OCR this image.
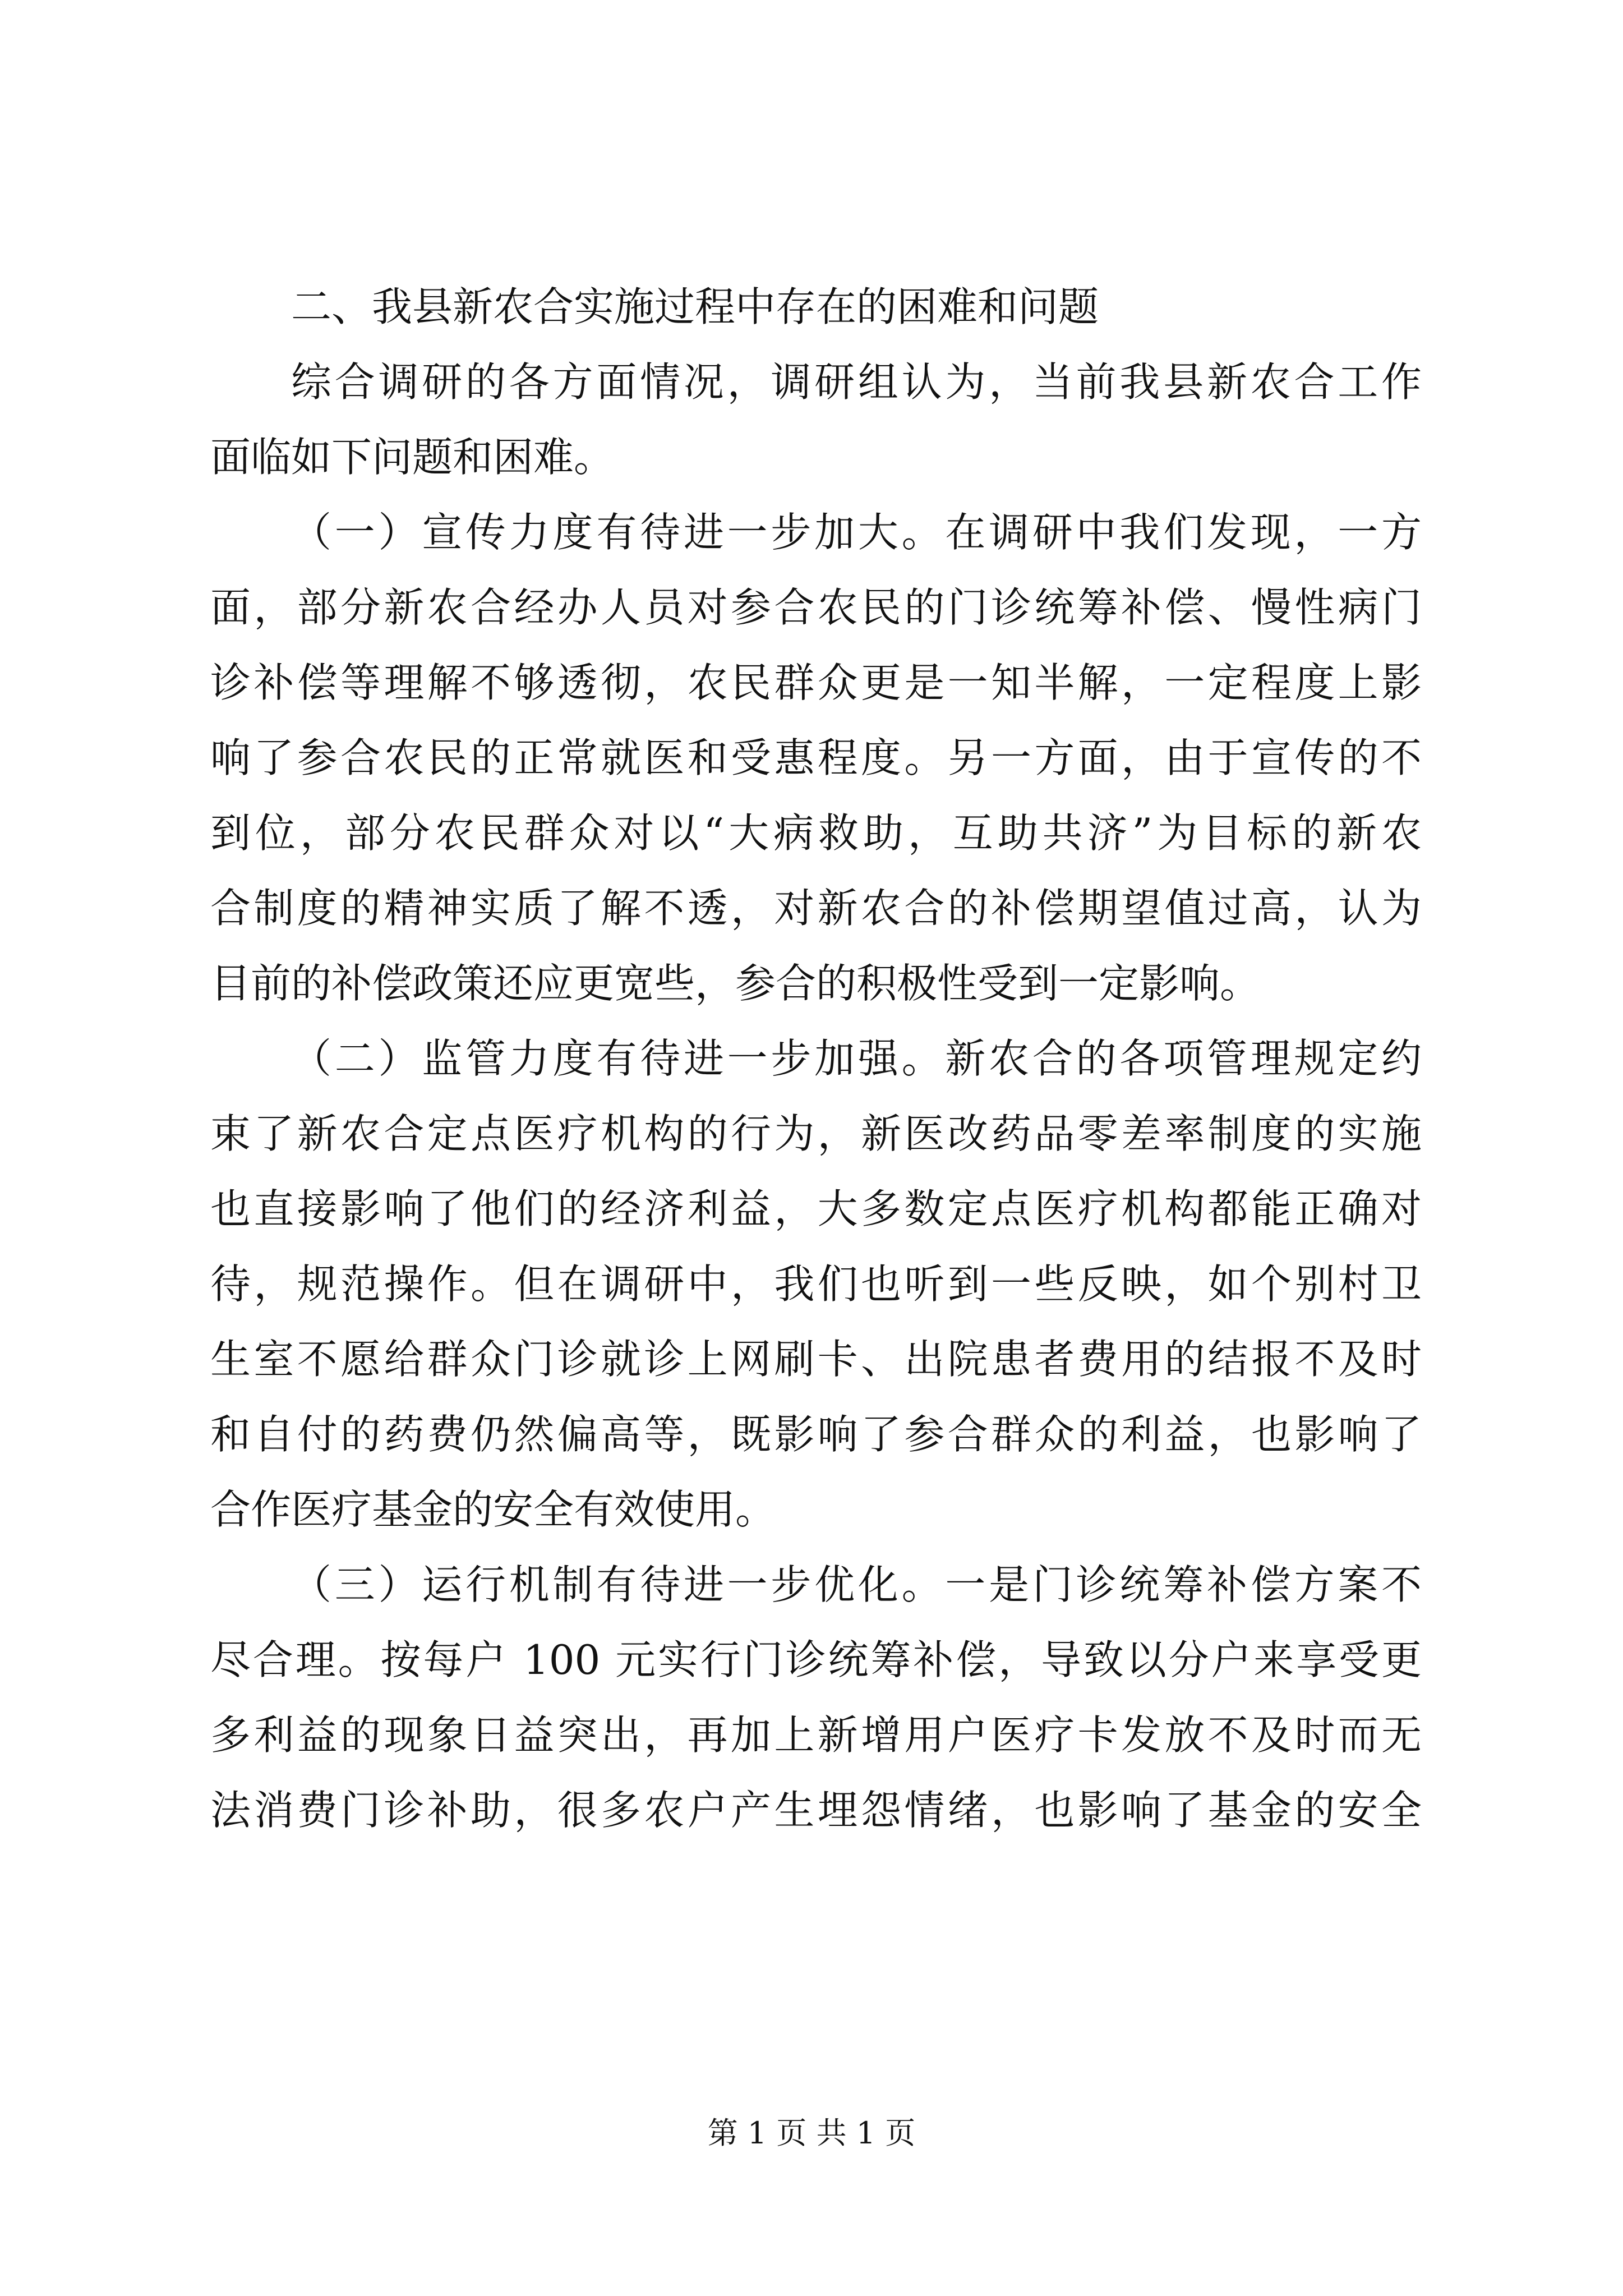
二、我县新农合实施过程中存在的困难和问题
综合调研的各方面情况，调研组认为，当前我县新农合工作
面临如下问题和困难。
（一）宣传力度有待进一步加大。在调研中我们发现，一方
面，部分新农合经办人员对参合农民的门诊统筹补偿、慢性病门
诊补偿等理解不够透彻，农民群众更是一知半解，一定程度上影
响了参合农民的正常就医和受惠程度。另一方面，由于宣传的不
到位，部分农民群众对以“大病救助，互助共济”为目标的新农
合制度的精神实质了解不透，对新农合的补偿期望值过高，认为
目前的补偿政策还应更宽些，参合的积极性受到一定影响。
（二）监管力度有待进一步加强。新农合的各项管理规定约
束了新农合定点医疗机构的行为，新医改药品零差率制度的实施
也直接影响了他们的经济利益，大多数定点医疗机构都能正确对
待，规范操作。但在调研中，我们也听到一些反映，如个别村卫
生室不愿给群众门诊就诊上网刷卡、出院患者费用的结报不及时
和自付的药费仍然偏高等，既影响了参合群众的利益，也影响了
合作医疗基金的安全有效使用。
（三）运行机制有待进一步优化。一是门诊统筹补偿方案不
尽合理。按每户 100 元实行门诊统筹补偿，导致以分户来享受更
多利益的现象日益突出，再加上新增用户医疗卡发放不及时而无
法消费门诊补助，很多农户产生埋怨情绪，也影响了基金的安全
第 1 页 共 1 页
